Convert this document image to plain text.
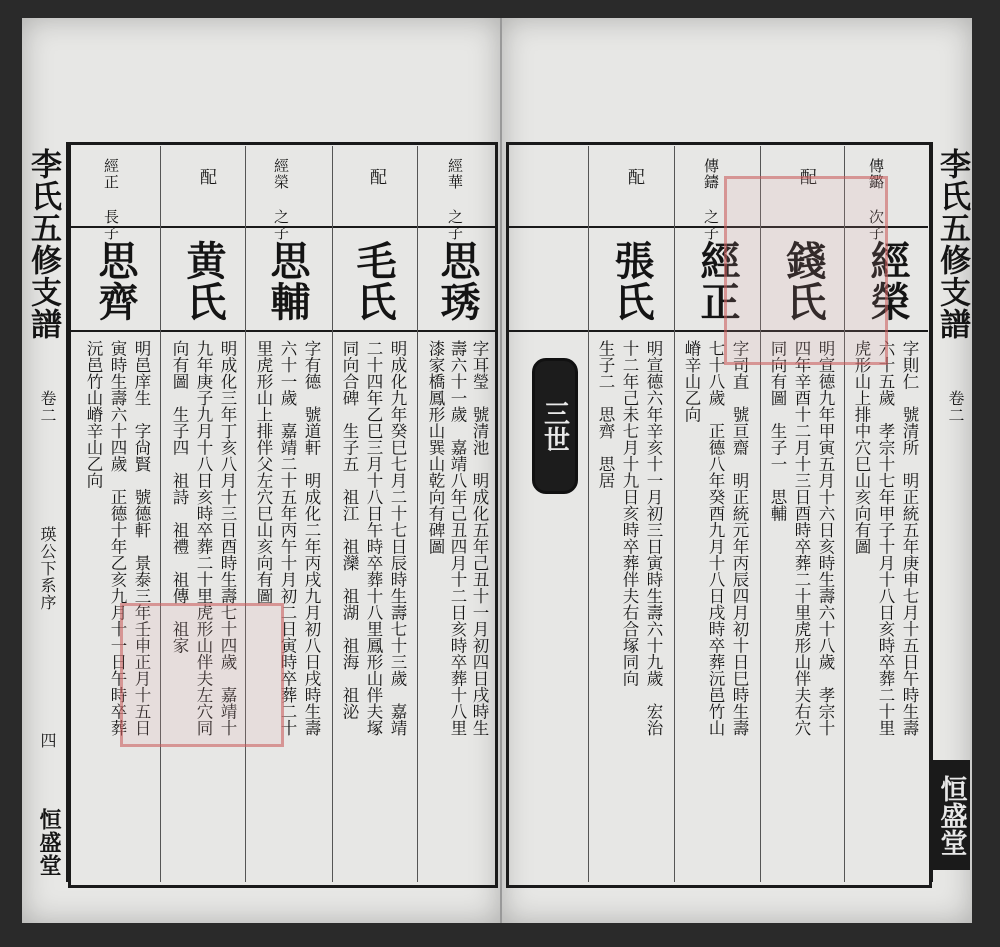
李氏五修支譜
卷二
瑛公下系序
四
恒盛堂
經華 之子
思琇
字耳瑩　號清池　明成化五年己丑十一月初四日戌時生
壽六十一歲　嘉靖八年己丑四月十二日亥時卒葬十八里
漆家橋鳳形山巽山乾向有碑圖
配
毛氏
明成化九年癸巳七月二十七日辰時生壽七十三歲　嘉靖
二十四年乙巳三月十八日午時卒葬十八里鳳形山伴夫塚
同向合碑　生子五　祖江　祖灤　祖湖　祖海　祖泌
經榮 之子
思輔
字有德　號道軒　明成化二年丙戌九月初八日戌時生壽
六十一歲　嘉靖二十五年丙午十月初二日寅時卒葬二十
里虎形山上排伴父左穴巳山亥向有圖
配
黄氏
明成化三年丁亥八月十三日酉時生壽七十四歲　嘉靖十
九年庚子九月十八日亥時卒葬二十里虎形山伴夫左穴同
向有圖　生子四　祖詩　祖禮　祖傳　祖家
經正 長子
思齊
明邑庠生　字尙賢　號德軒　景泰三年壬申正月十五日
寅時生壽六十四歲　正德十年乙亥九月十一日午時卒葬
沅邑竹山嵴辛山乙向
李氏五修支譜
卷二
恒盛堂
三世
傳鏴 次子
經榮
字則仁　號清所　明正統五年庚申七月十五日午時生壽
六十五歲　孝宗十七年甲子十月十八日亥時卒葬二十里
虎形山上排中穴巳山亥向有圖
配
錢氏
明宣德九年甲寅五月十六日亥時生壽六十八歲　孝宗十
四年辛酉十二月十三日酉時卒葬二十里虎形山伴夫右穴
同向有圖　生子一　思輔
傳鑄 之子
經正
字司直　號亘齋　明正統元年丙辰四月初十日巳時生壽
七十八歲　正德八年癸酉九月十八日戌時卒葬沅邑竹山
嵴辛山乙向
配
張氏
明宣德六年辛亥十一月初三日寅時生壽六十九歲　宏治
十二年己未七月十九日亥時卒葬伴夫右合塚同向
生子二　思齊　思居
